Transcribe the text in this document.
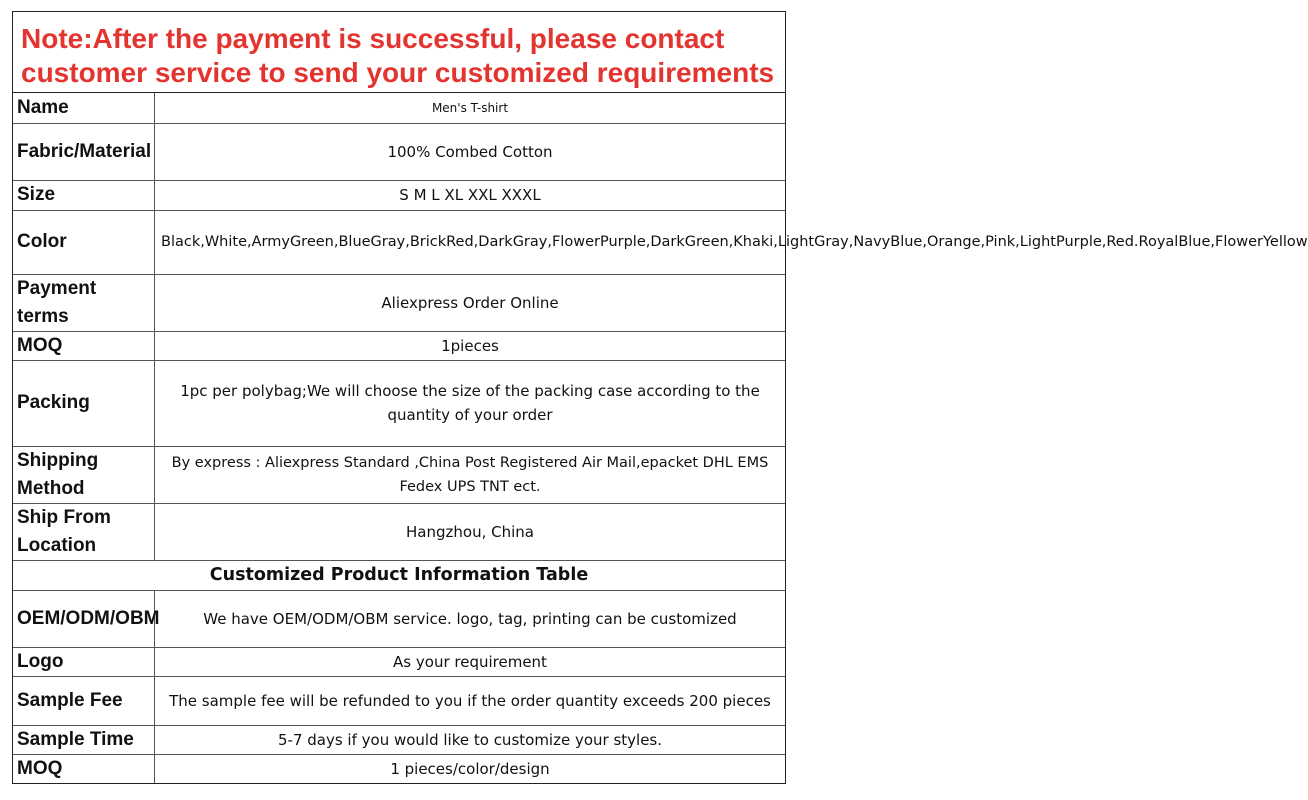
Note:After the payment is successful, please contact
customer service to send your customized requirements
Name	Men's T-shirt
Fabric/Material	100% Combed Cotton
Size	S M L XL XXL XXXL
Color	Black,White,ArmyGreen,BlueGray,BrickRed,DarkGray,FlowerPurple,DarkGreen,Khaki,LightGray,NavyBlue,Orange,Pink,LightPurple,Red.RoyalBlue,FlowerYellow
Payment terms	Aliexpress Order Online
MOQ	1pieces
Packing	1pc per polybag;We will choose the size of the packing case according to the quantity of your order
Shipping Method	By express : Aliexpress Standard ,China Post Registered Air Mail,epacket DHL EMS Fedex UPS TNT ect.
Ship From Location	Hangzhou, China
Customized Product Information Table	
OEM/ODM/OBM	We have OEM/ODM/OBM service. logo, tag, printing can be customized
Logo	As your requirement
Sample Fee	The sample fee will be refunded to you if the order quantity exceeds 200 pieces
Sample Time	5-7 days if you would like to customize your styles.
MOQ	1 pieces/color/design
